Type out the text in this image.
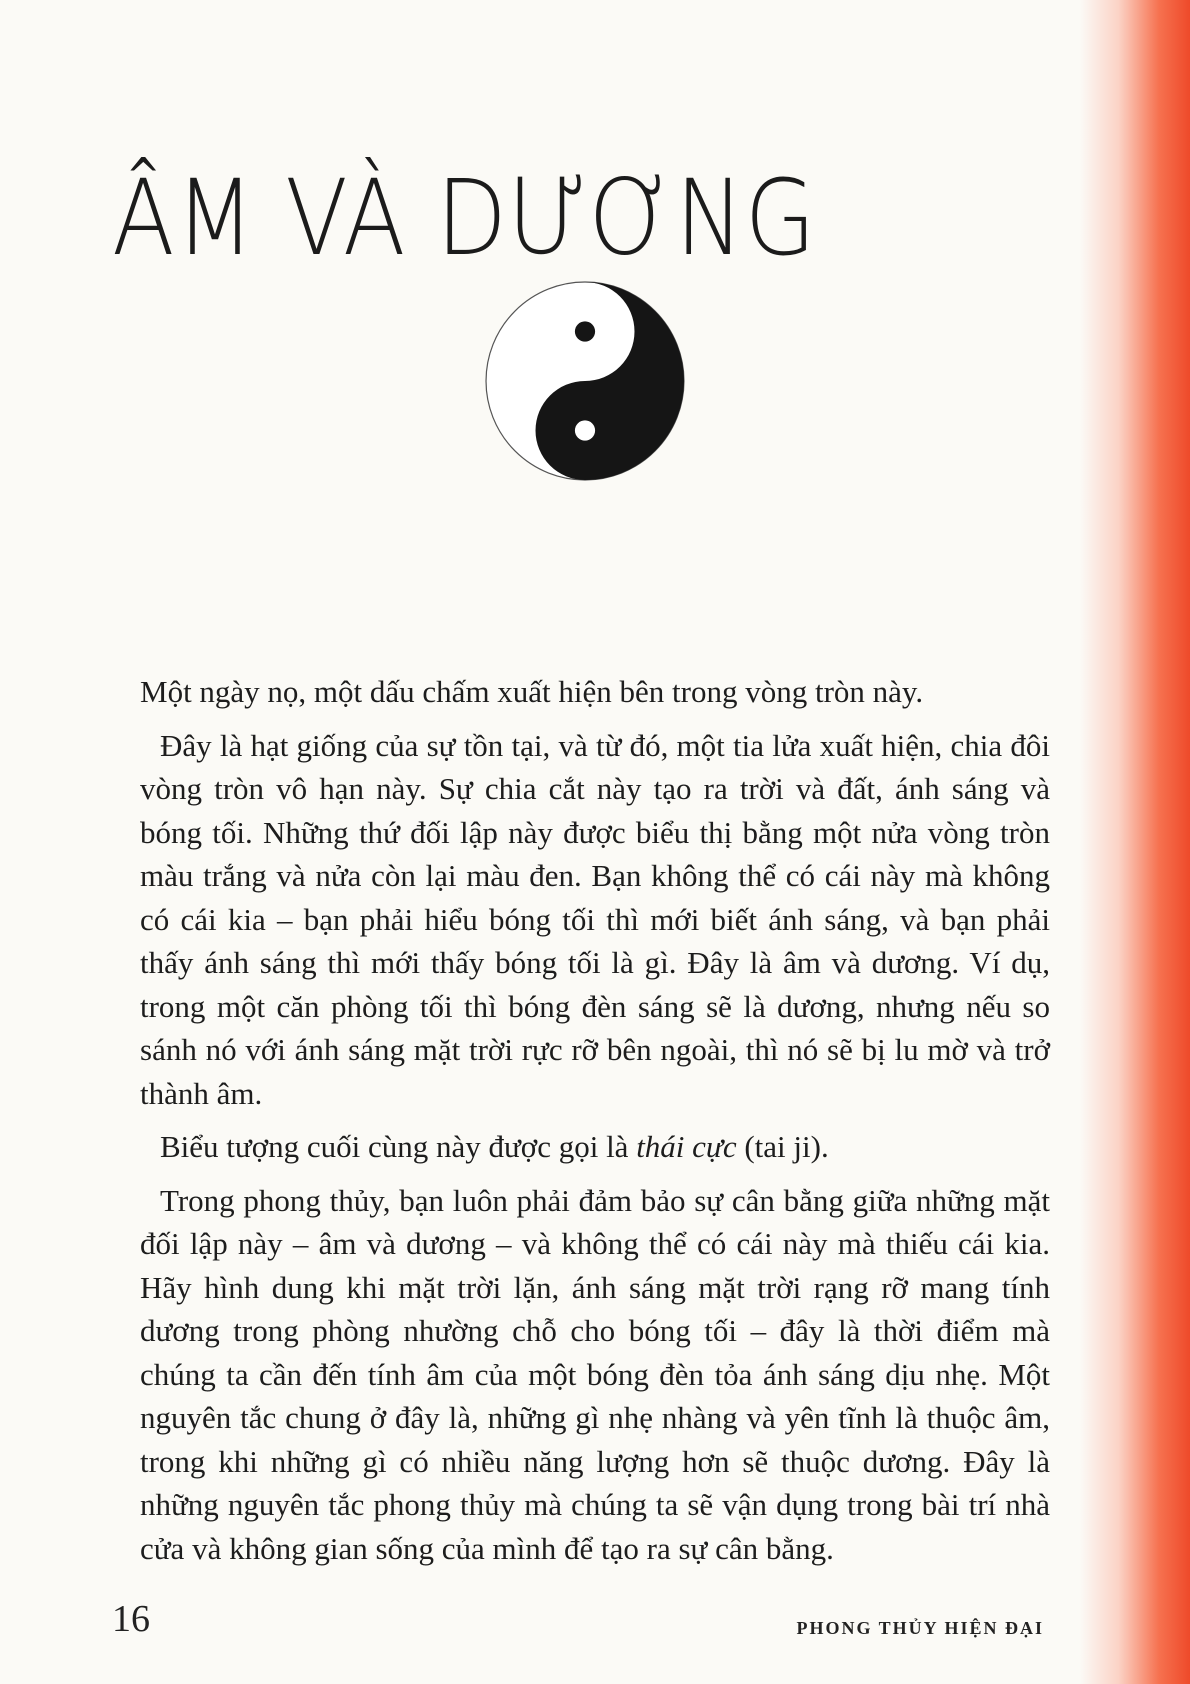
ÂM VÀ DƯƠNG

Một ngày nọ, một dấu chấm xuất hiện bên trong vòng tròn này.

Đây là hạt giống của sự tồn tại, và từ đó, một tia lửa xuất hiện, chia đôi vòng tròn vô hạn này. Sự chia cắt này tạo ra trời và đất, ánh sáng và bóng tối. Những thứ đối lập này được biểu thị bằng một nửa vòng tròn màu trắng và nửa còn lại màu đen. Bạn không thể có cái này mà không có cái kia – bạn phải hiểu bóng tối thì mới biết ánh sáng, và bạn phải thấy ánh sáng thì mới thấy bóng tối là gì. Đây là âm và dương. Ví dụ, trong một căn phòng tối thì bóng đèn sáng sẽ là dương, nhưng nếu so sánh nó với ánh sáng mặt trời rực rỡ bên ngoài, thì nó sẽ bị lu mờ và trở thành âm.

Biểu tượng cuối cùng này được gọi là thái cực (tai ji).

Trong phong thủy, bạn luôn phải đảm bảo sự cân bằng giữa những mặt đối lập này – âm và dương – và không thể có cái này mà thiếu cái kia. Hãy hình dung khi mặt trời lặn, ánh sáng mặt trời rạng rỡ mang tính dương trong phòng nhường chỗ cho bóng tối – đây là thời điểm mà chúng ta cần đến tính âm của một bóng đèn tỏa ánh sáng dịu nhẹ. Một nguyên tắc chung ở đây là, những gì nhẹ nhàng và yên tĩnh là thuộc âm, trong khi những gì có nhiều năng lượng hơn sẽ thuộc dương. Đây là những nguyên tắc phong thủy mà chúng ta sẽ vận dụng trong bài trí nhà cửa và không gian sống của mình để tạo ra sự cân bằng.

16	PHONG THỦY HIỆN ĐẠI
